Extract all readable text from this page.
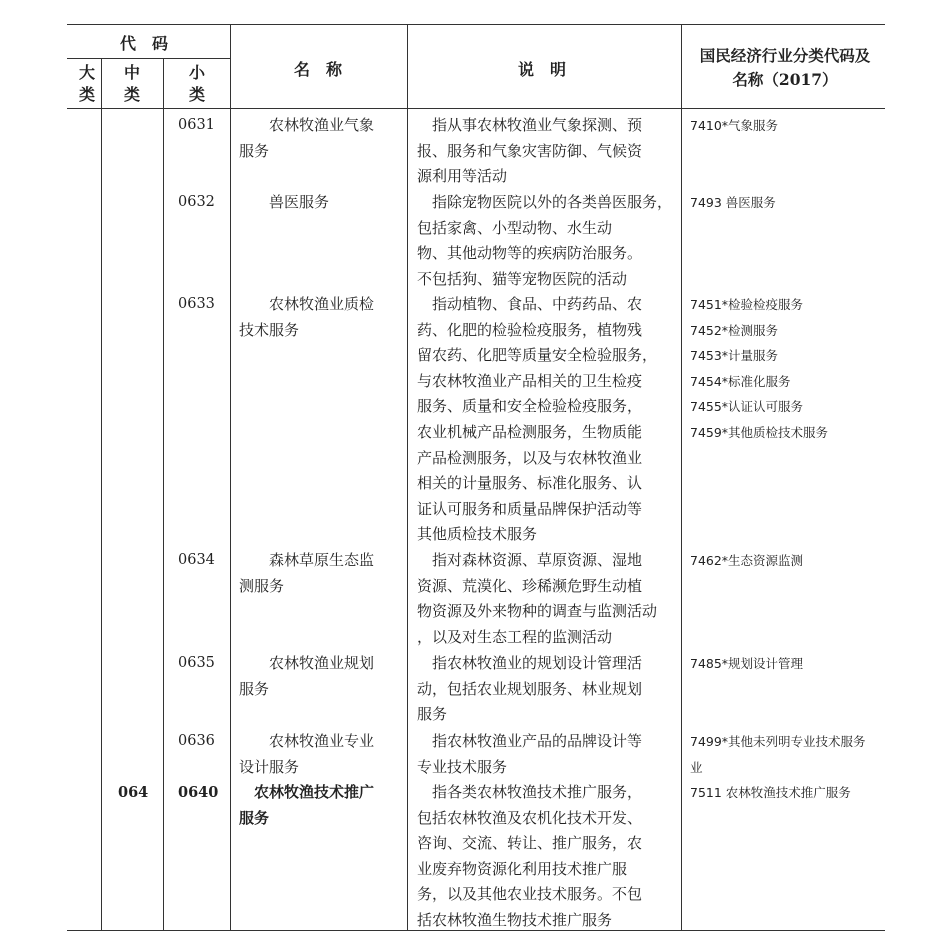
代　码
大
类
中
类
小
类
名　称	说　明
国民经济行业分类代码及
名称（2017）
0631 　　农林牧渔业气象
服务
　指从事农林牧渔业气象探测、预
报、服务和气象灾害防御、气候资
源利用等活动
7410*气象服务
0632 　　兽医服务	　指除宠物医院以外的各类兽医服务，
包括家禽、小型动物、水生动
物、其他动物等的疾病防治服务。
不包括狗、猫等宠物医院的活动
7493 兽医服务
0633 　　农林牧渔业质检
技术服务
　指动植物、食品、中药药品、农
药、化肥的检验检疫服务，植物残
留农药、化肥等质量安全检验服务，
与农林牧渔业产品相关的卫生检疫
服务、质量和安全检验检疫服务，
农业机械产品检测服务，生物质能
产品检测服务，以及与农林牧渔业
相关的计量服务、标准化服务、认
证认可服务和质量品牌保护活动等
其他质检技术服务
7451*检验检疫服务
7452*检测服务
7453*计量服务
7454*标准化服务
7455*认证认可服务
7459*其他质检技术服务
0634 　　森林草原生态监
测服务
　指对森林资源、草原资源、湿地
资源、荒漠化、珍稀濒危野生动植
物资源及外来物种的调查与监测活动
，以及对生态工程的监测活动
7462*生态资源监测
0635 　　农林牧渔业规划
服务
　指农林牧渔业的规划设计管理活
动，包括农业规划服务、林业规划
服务
7485*规划设计管理
0636 　　农林牧渔业专业
设计服务
　指农林牧渔业产品的品牌设计等
专业技术服务
7499*其他未列明专业技术服务
业
064 0640 　农林牧渔技术推广
服务
　指各类农林牧渔技术推广服务，
包括农林牧渔及农机化技术开发、
咨询、交流、转让、推广服务，农
业废弃物资源化利用技术推广服
务，以及其他农业技术服务。不包
括农林牧渔生物技术推广服务
7511 农林牧渔技术推广服务
